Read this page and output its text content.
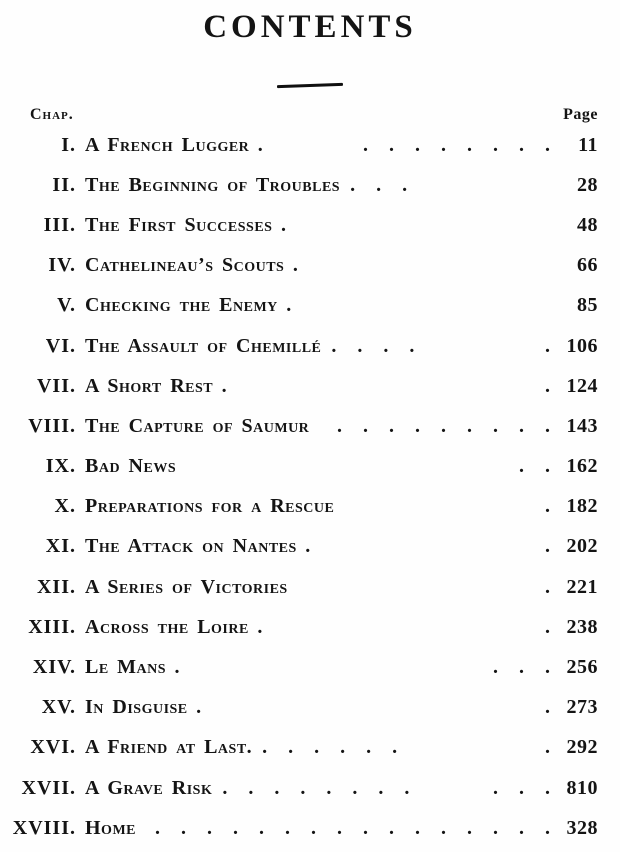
CONTENTS
Chap.	Page
I. A French Lugger .	. . . . . . . .	11
II. The Beginning of Troubles . . .	28
III. The First Successes .	48
IV. Cathelineau’s Scouts .	66
V. Checking the Enemy .	85
VI. The Assault of Chemillé . . . .	. 106
VII. A Short Rest .	. 124
VIII. The Capture of Saumur . . . . . . . . . 143
IX. Bad News	. . 162
X. Preparations for a Rescue	. 182
XI. The Attack on Nantes .	. 202
XII. A Series of Victories	. 221
XIII. Across the Loire .	. 238
XIV. Le Mans .	. . . 256
XV. In Disguise .	. 273
XVI. A Friend at Last. . . . . . .	. 292
XVII. A Grave Risk . . . . . . . .	. . . 810
XVIII. Home . . . . . . . . . . . . . . . . 328
